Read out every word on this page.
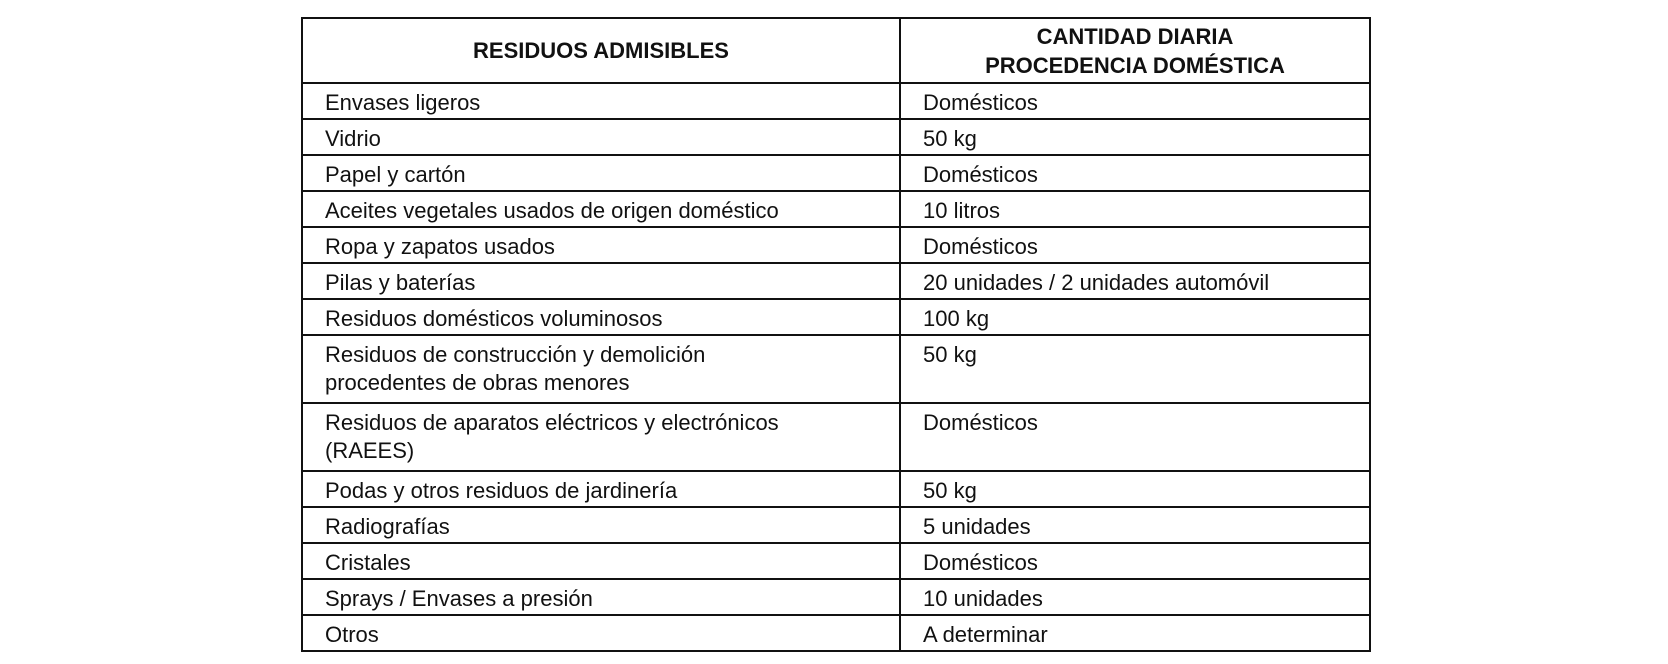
RESIDUOS ADMISIBLES	CANTIDAD DIARIA
PROCEDENCIA DOMÉSTICA

Envases ligeros	Domésticos
Vidrio	50 kg
Papel y cartón	Domésticos
Aceites vegetales usados de origen doméstico	10 litros
Ropa y zapatos usados	Domésticos
Pilas y baterías	20 unidades / 2 unidades automóvil
Residuos domésticos voluminosos	100 kg
Residuos de construcción y demolición
procedentes de obras menores	50 kg
Residuos de aparatos eléctricos y electrónicos
(RAEES)	Domésticos
Podas y otros residuos de jardinería	50 kg
Radiografías	5 unidades
Cristales	Domésticos
Sprays / Envases a presión	10 unidades
Otros	A determinar
